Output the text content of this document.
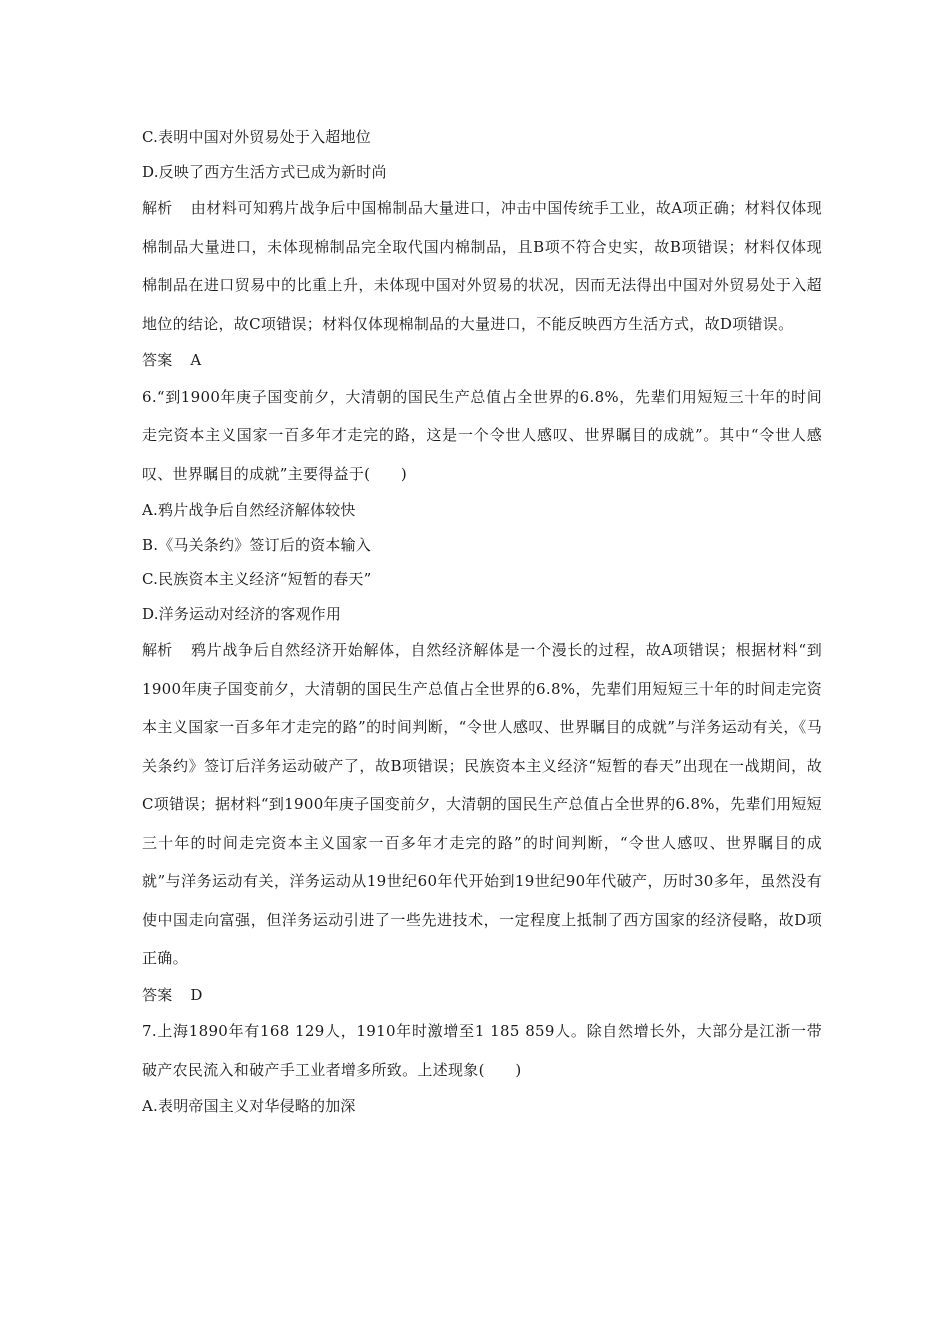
C.表明中国对外贸易处于入超地位
D.反映了西方生活方式已成为新时尚

解析 由材料可知鸦片战争后中国棉制品大量进口，冲击中国传统手工业，故A项正确；材料仅体现棉制品大量进口，未体现棉制品完全取代国内棉制品，且B项不符合史实，故B项错误；材料仅体现棉制品在进口贸易中的比重上升，未体现中国对外贸易的状况，因而无法得出中国对外贸易处于入超地位的结论，故C项错误；材料仅体现棉制品的大量进口，不能反映西方生活方式，故D项错误。

答案 A

6.“到1900年庚子国变前夕，大清朝的国民生产总值占全世界的6.8%，先辈们用短短三十年的时间走完资本主义国家一百多年才走完的路，这是一个令世人感叹、世界瞩目的成就”。其中“令世人感叹、世界瞩目的成就”主要得益于(　　)

A.鸦片战争后自然经济解体较快
B.《马关条约》签订后的资本输入
C.民族资本主义经济“短暂的春天”
D.洋务运动对经济的客观作用

解析 鸦片战争后自然经济开始解体，自然经济解体是一个漫长的过程，故A项错误；根据材料“到1900年庚子国变前夕，大清朝的国民生产总值占全世界的6.8%，先辈们用短短三十年的时间走完资本主义国家一百多年才走完的路”的时间判断，“令世人感叹、世界瞩目的成就”与洋务运动有关，《马关条约》签订后洋务运动破产了，故B项错误；民族资本主义经济“短暂的春天”出现在一战期间，故C项错误；据材料“到1900年庚子国变前夕，大清朝的国民生产总值占全世界的6.8%，先辈们用短短三十年的时间走完资本主义国家一百多年才走完的路”的时间判断，“令世人感叹、世界瞩目的成就”与洋务运动有关，洋务运动从19世纪60年代开始到19世纪90年代破产，历时30多年，虽然没有使中国走向富强，但洋务运动引进了一些先进技术，一定程度上抵制了西方国家的经济侵略，故D项正确。

答案 D

7.上海1890年有168 129人，1910年时激增至1 185 859人。除自然增长外，大部分是江浙一带破产农民流入和破产手工业者增多所致。上述现象(　　)

A.表明帝国主义对华侵略的加深
